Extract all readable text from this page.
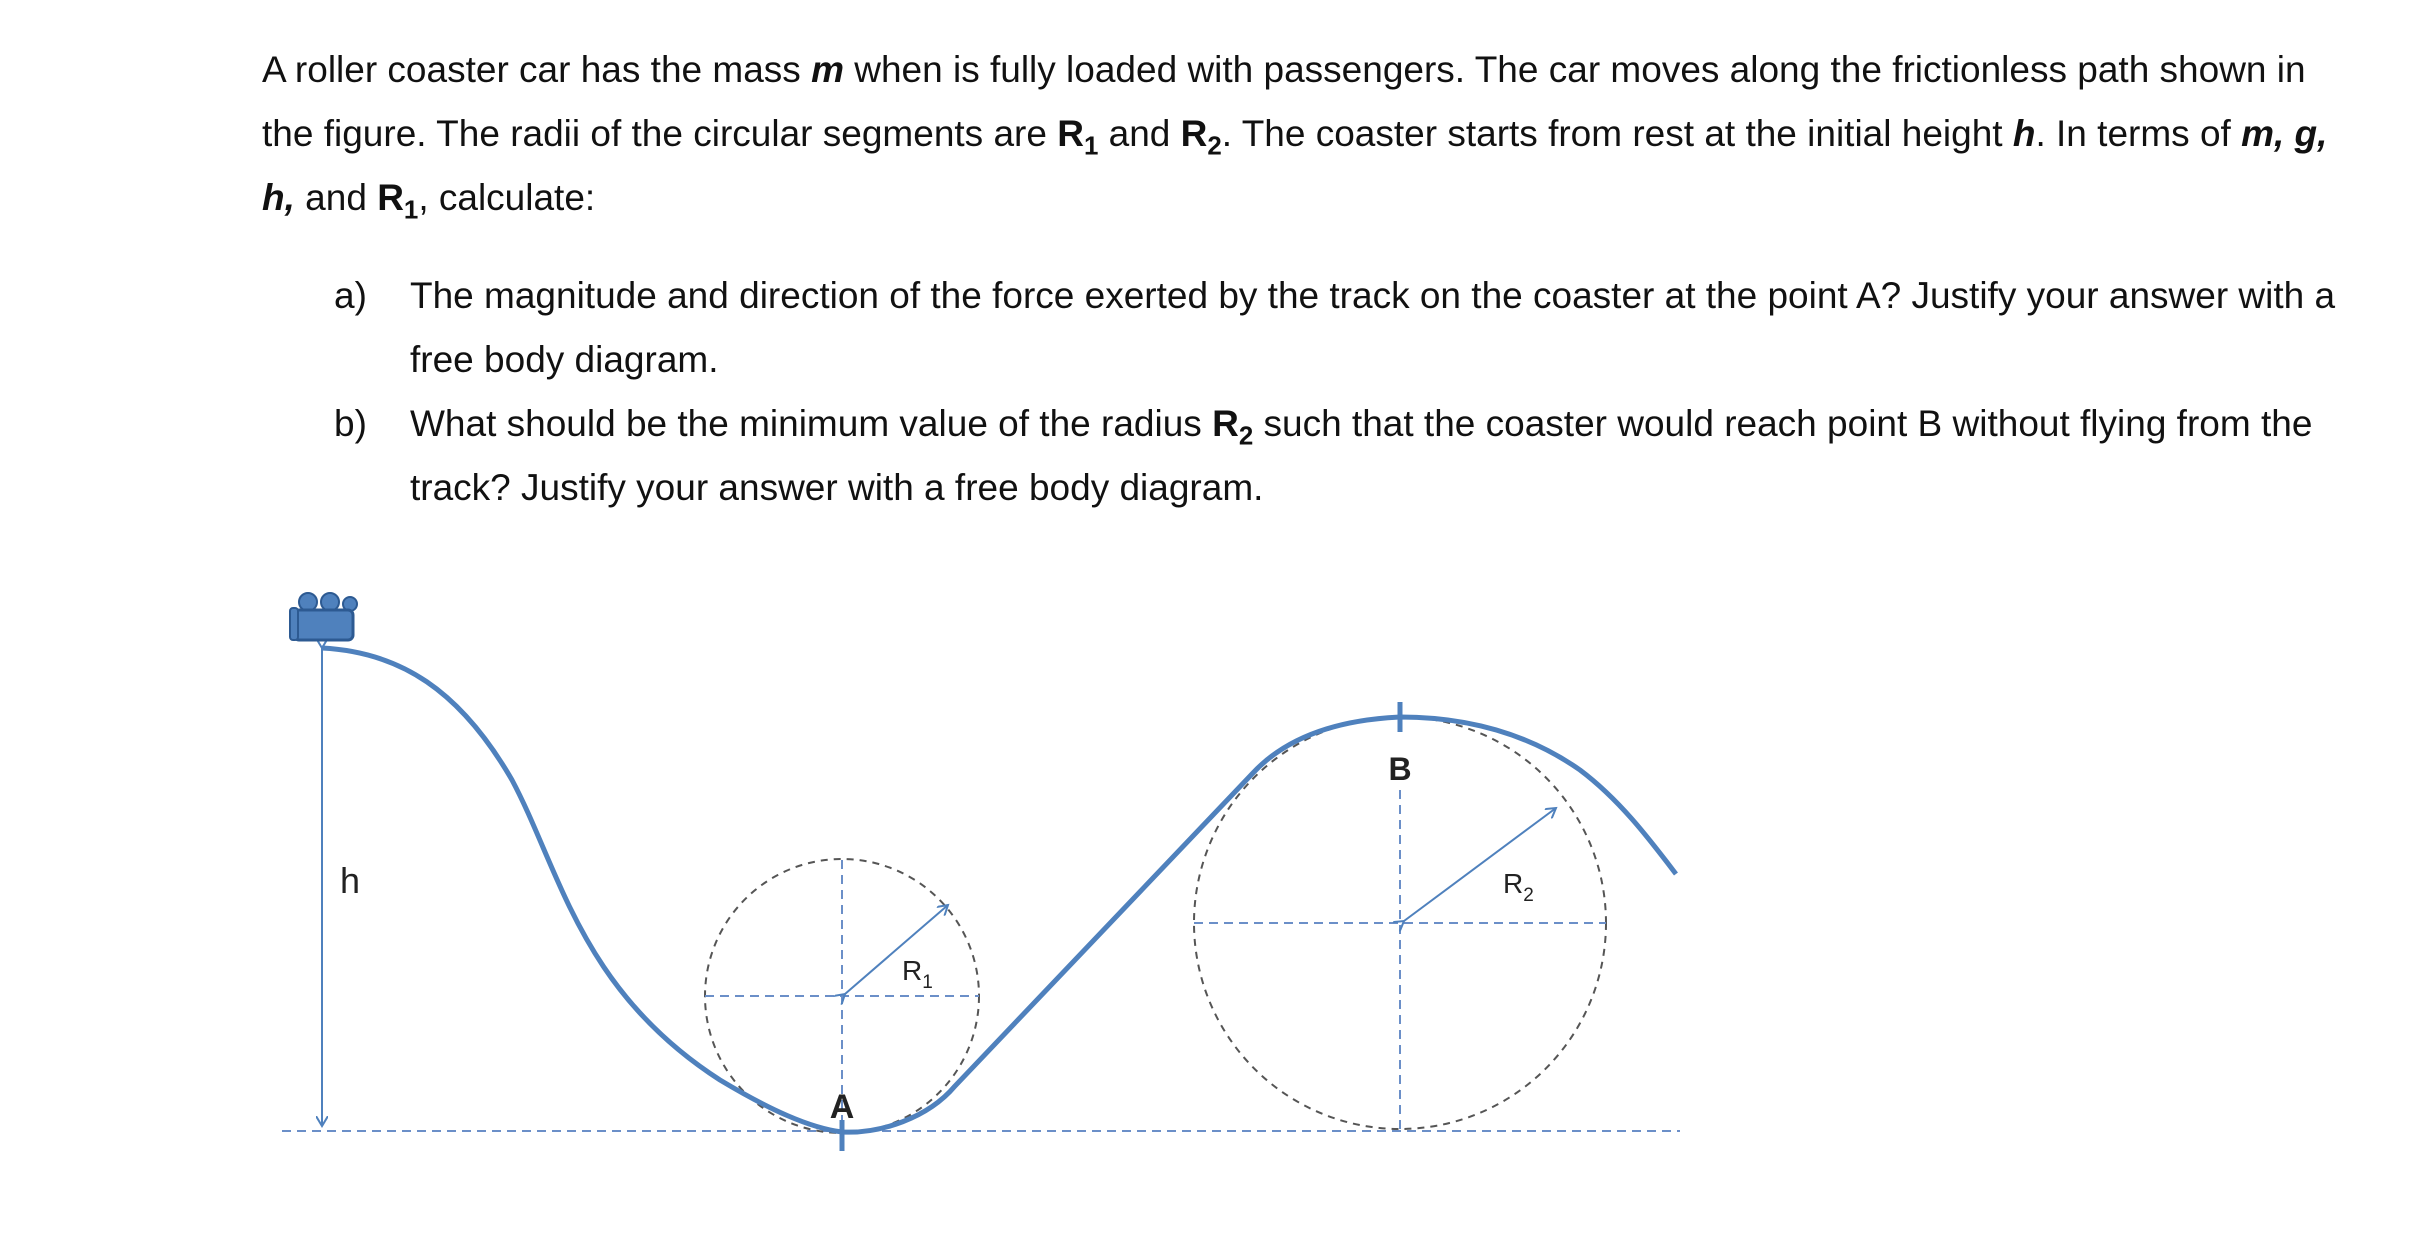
A roller coaster car has the mass m when is fully loaded with passengers. The car moves along the frictionless path shown in the figure. The radii of the circular segments are $R_1$ and $R_2$. The coaster starts from rest at the initial height h. In terms of m, g, h, and $R_1$, calculate:

a) The magnitude and direction of the force exerted by the track on the coaster at the point A? Justify your answer with a free body diagram.
b) What should be the minimum value of the radius $R_2$ such that the coaster would reach point B without flying from the track? Justify your answer with a free body diagram.
h
$R_1$
$R_2$
A
B
